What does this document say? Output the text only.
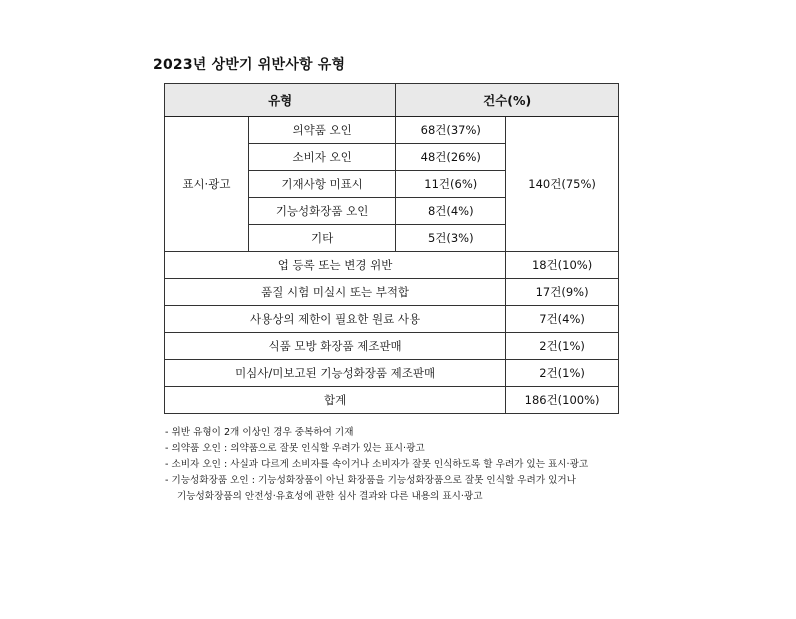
2023년 상반기 위반사항 유형
유형		건수(%)	
표시·광고	의약품 오인	68건(37%)	140건(75%)
	소비자 오인	48건(26%)	
	기재사항 미표시	11건(6%)	
	기능성화장품 오인	8건(4%)	
	기타	5건(3%)	
업 등록 또는 변경 위반			18건(10%)
품질 시험 미실시 또는 부적합			17건(9%)
사용상의 제한이 필요한 원료 사용			7건(4%)
식품 모방 화장품 제조판매			2건(1%)
미심사/미보고된 기능성화장품 제조판매			2건(1%)
합계			186건(100%)
- 위반 유형이 2개 이상인 경우 중복하여 기재
- 의약품 오인 : 의약품으로 잘못 인식할 우려가 있는 표시·광고
- 소비자 오인 : 사실과 다르게 소비자를 속이거나 소비자가 잘못 인식하도록 할 우려가 있는 표시·광고
- 기능성화장품 오인 : 기능성화장품이 아닌 화장품을 기능성화장품으로 잘못 인식할 우려가 있거나
기능성화장품의 안전성·유효성에 관한 심사 결과와 다른 내용의 표시·광고
